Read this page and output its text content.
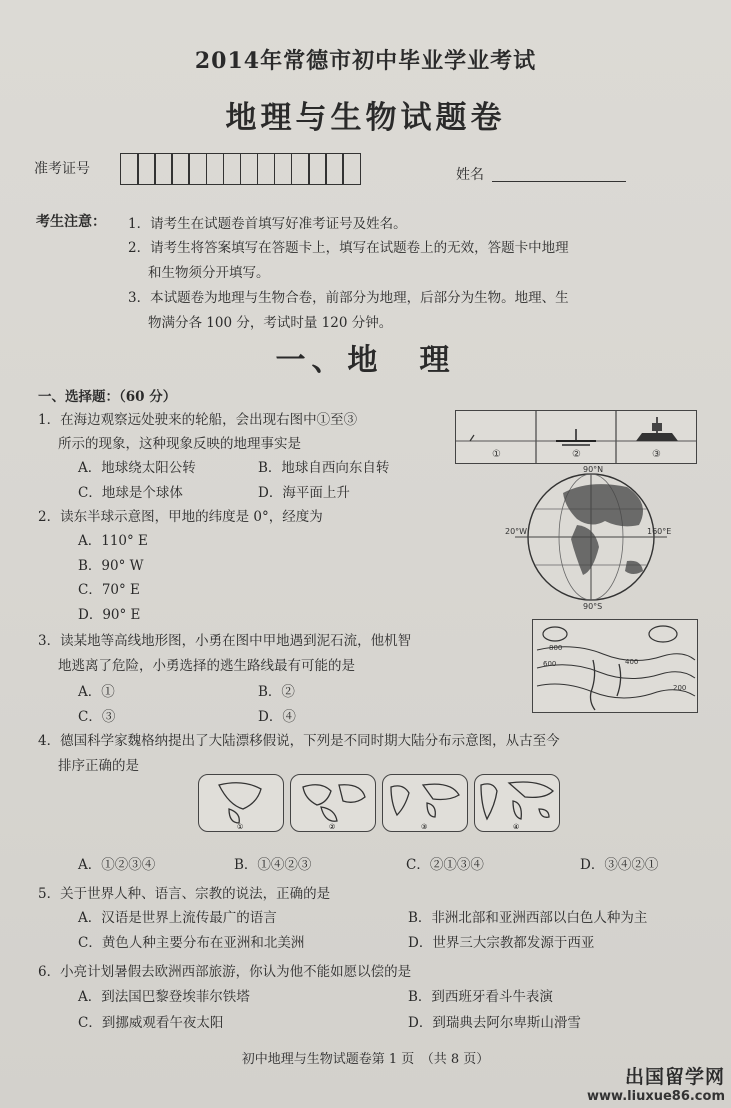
2014年常德市初中毕业学业考试
地理与生物试题卷
准考证号	姓名
考生注意： 1．请考生在试题卷首填写好准考证号及姓名。
2．请考生将答案填写在答题卡上，填写在试题卷上的无效，答题卡中地理
和生物须分开填写。
3．本试题卷为地理与生物合卷，前部分为地理，后部分为生物。地理、生
物满分各 100 分，考试时量 120 分钟。
一、地　理
一、选择题：（60 分）
1．在海边观察远处驶来的轮船，会出现右图中①至③
所示的现象，这种现象反映的地理事实是
A．地球绕太阳公转	B．地球自西向东自转
C．地球是个球体	D．海平面上升
①	②	③
2．读东半球示意图，甲地的纬度是 0°，经度为
A．110° E
B．90° W
C．70° E
D．90° E
90°N
90°S
20°W	160°E
3．读某地等高线地形图，小勇在图中甲地遇到泥石流，他机智
地逃离了危险，小勇选择的逃生路线最有可能的是
A．①	B．②
C．③	D．④
800
600	400
200
4．德国科学家魏格纳提出了大陆漂移假说，下列是不同时期大陆分布示意图，从古至今
排序正确的是
①	②	③	④
A．①②③④	B．①④②③	C．②①③④	D．③④②①
5．关于世界人种、语言、宗教的说法，正确的是
A．汉语是世界上流传最广的语言	B．非洲北部和亚洲西部以白色人种为主
C．黄色人种主要分布在亚洲和北美洲	D．世界三大宗教都发源于西亚
6．小亮计划暑假去欧洲西部旅游，你认为他不能如愿以偿的是
A．到法国巴黎登埃菲尔铁塔	B．到西班牙看斗牛表演
C．到挪威观看午夜太阳	D．到瑞典去阿尔卑斯山滑雪
初中地理与生物试题卷第 1 页　（共 8 页）
出国留学网
www.liuxue86.com
